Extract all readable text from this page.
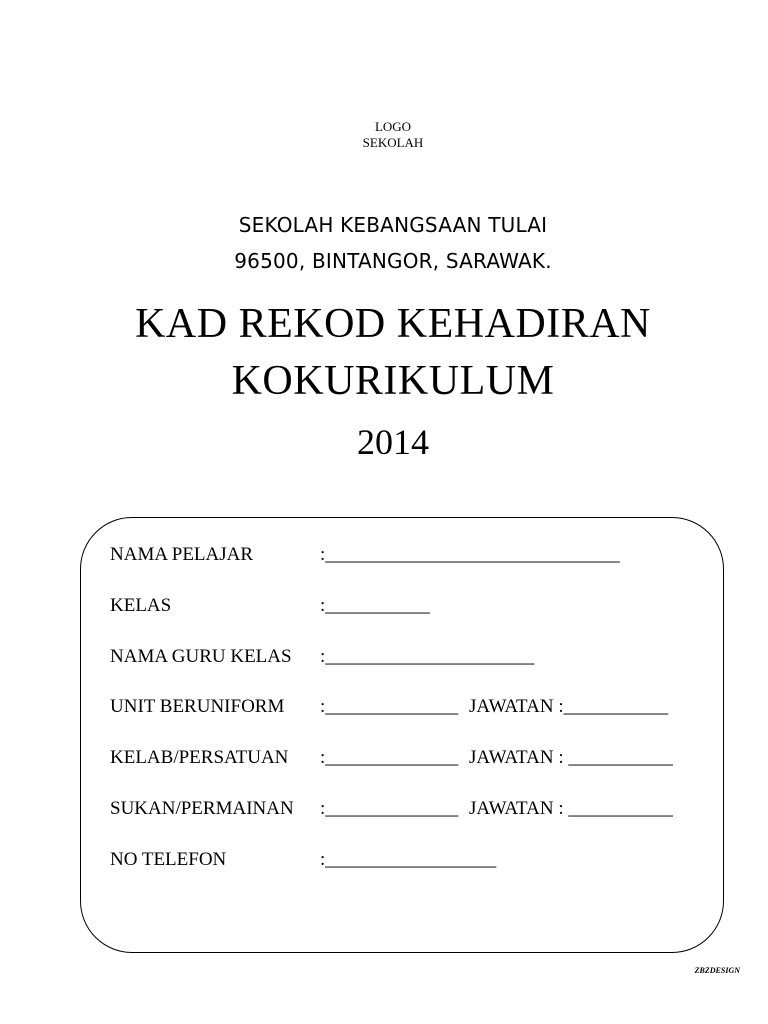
LOGO
SEKOLAH
SEKOLAH KEBANGSAAN TULAI
96500, BINTANGOR, SARAWAK.
KAD REKOD KEHADIRAN
KOKURIKULUM
2014
NAMA PELAJAR	:_______________________________
KELAS	:___________
NAMA GURU KELAS :______________________
UNIT BERUNIFORM :______________ JAWATAN :___________
KELAB/PERSATUAN :______________ JAWATAN : ___________
SUKAN/PERMAINAN :______________ JAWATAN : ___________
NO TELEFON	:__________________
ZBZDESIGN
